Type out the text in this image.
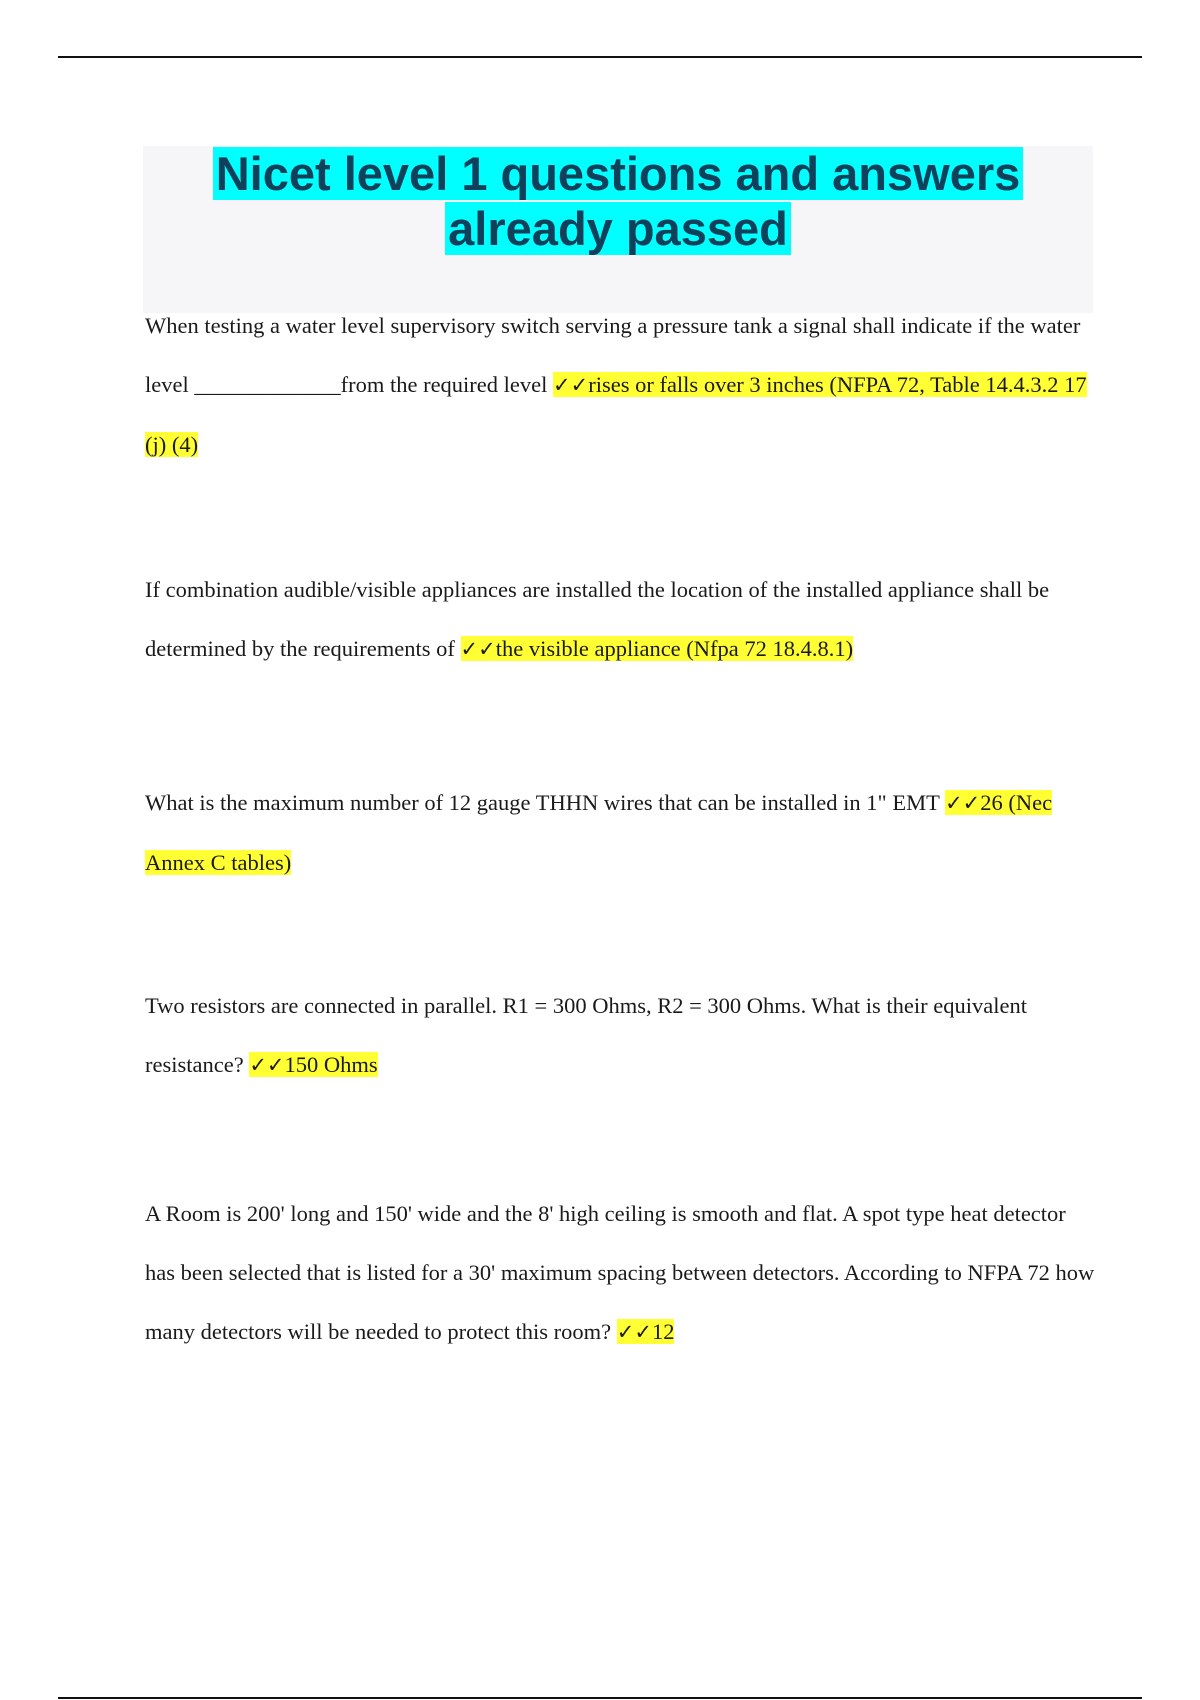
Nicet level 1 questions and answers
already passed

When testing a water level supervisory switch serving a pressure tank a signal shall indicate if the water level _____________from the required level ✓✓rises or falls over 3 inches (NFPA 72, Table 14.4.3.2 17 (j) (4)

If combination audible/visible appliances are installed the location of the installed appliance shall be determined by the requirements of ✓✓the visible appliance (Nfpa 72 18.4.8.1)

What is the maximum number of 12 gauge THHN wires that can be installed in 1" EMT ✓✓26 (Nec Annex C tables)

Two resistors are connected in parallel. R1 = 300 Ohms, R2 = 300 Ohms. What is their equivalent resistance? ✓✓150 Ohms

A Room is 200' long and 150' wide and the 8' high ceiling is smooth and flat. A spot type heat detector has been selected that is listed for a 30' maximum spacing between detectors. According to NFPA 72 how many detectors will be needed to protect this room? ✓✓12
